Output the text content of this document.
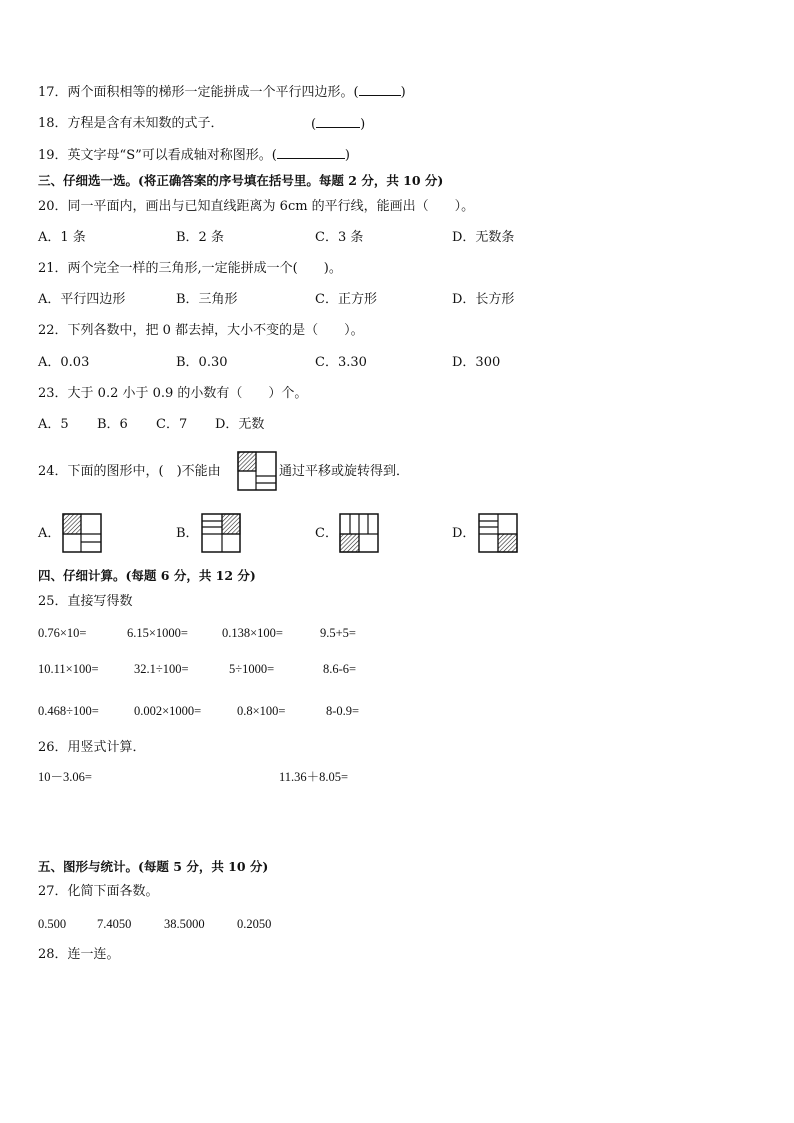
17．两个面积相等的梯形一定能拼成一个平行四边形。(	)
18．方程是含有未知数的式子．	(	)
19．英文字母“S”可以看成轴对称图形。(	)
三、仔细选一选。(将正确答案的序号填在括号里。每题 2 分，共 10 分)
20．同一平面内，画出与已知直线距离为 6cm 的平行线，能画出（　　）。
A．1 条	B．2 条	C．3 条	D．无数条
21．两个完全一样的三角形,一定能拼成一个(　　)。
A．平行四边形	B．三角形	C．正方形	D．长方形
22．下列各数中，把 0 都去掉，大小不变的是（　　）。
A．0.03	B．0.30	C．3.30	D．300
23．大于 0.2 小于 0.9 的小数有（　　）个。
A．5 B．6 C．7 D．无数
24．下面的图形中，(　)不能由	通过平移或旋转得到．
A．	B．	C．	D．
四、仔细计算。(每题 6 分，共 12 分)
25．直接写得数
0.76×10=	6.15×1000=	0.138×100=	9.5+5=
10.11×100=	32.1÷100=	5÷1000=	8.6-6=
0.468÷100=	0.002×1000=	0.8×100=	8-0.9=
26．用竖式计算．
10－3.06=	11.36＋8.05=
五、图形与统计。(每题 5 分，共 10 分)
27．化简下面各数。
0.500 7.4050	38.5000	0.2050
28．连一连。
